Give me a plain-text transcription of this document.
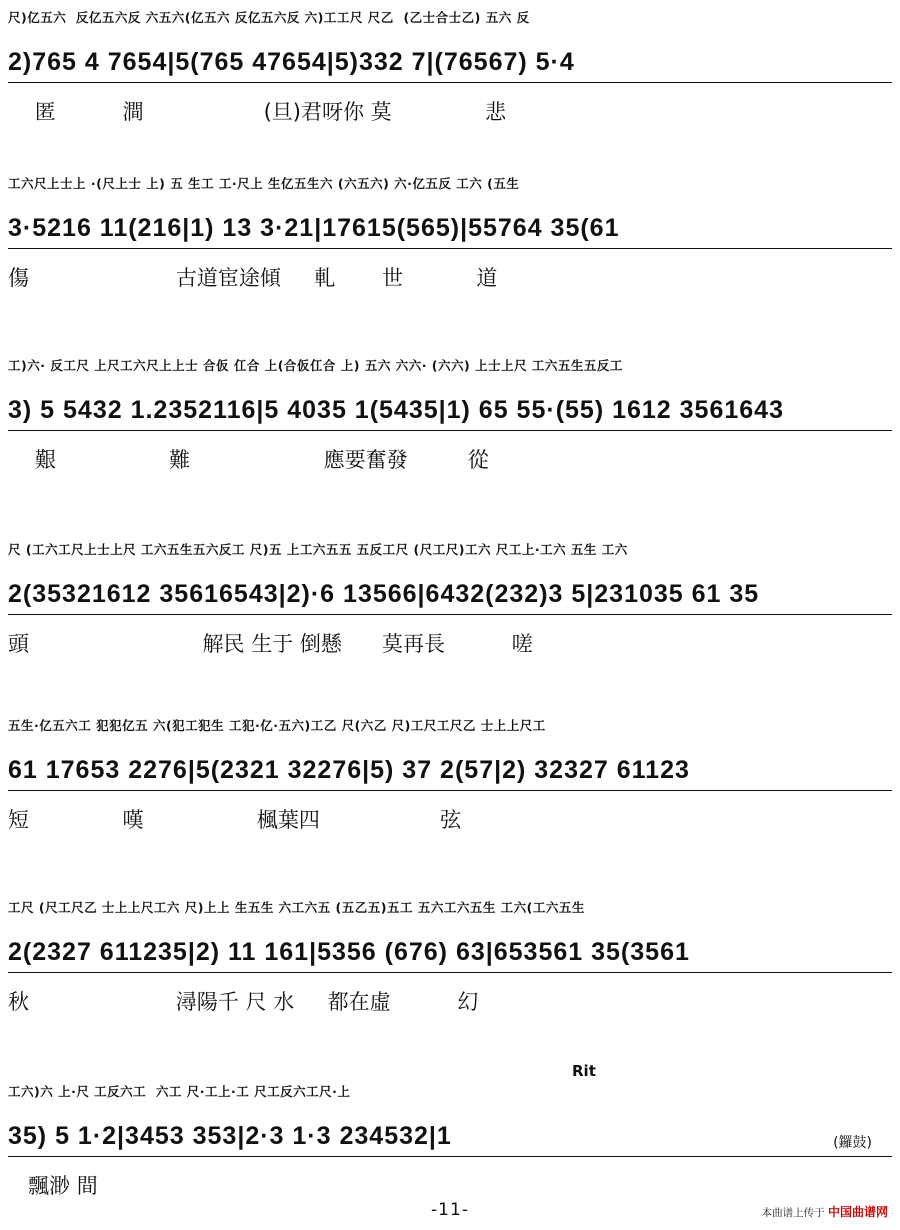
尺)亿五六  反亿五六反 六五六(亿五六 反亿五六反 六)工工尺 尺乙  (乙士合士乙) 五六 反
2)765 4 7654|5(765 47654|5)332 7|(76567) 5·4
匿          澗                  (旦)君呀你 莫              悲
工六尺上士上 ·(尺上士 上) 五 生工 工·尺上 生亿五生六 (六五六) 六·亿五反 工六 (五生
3·5216 11(216|1) 13 3·21|17615(565)|55764 35(61
傷                      古道宦途傾     軋       世           道
工)六· 反工尺 上尺工六尺上上士 合仮 仜合 上(合仮仜合 上) 五六 六六· (六六) 上士上尺 工六五生五反工
3) 5 5432 1.2352116|5 4035 1(5435|1) 65 55·(55) 1612 3561643
艱                 難                    應要奮發         從
尺 (工六工尺上士上尺 工六五生五六反工 尺)五 上工六五五 五反工尺 (尺工尺)工六 尺工上·工六 五生 工六
2(35321612 35616543|2)·6 13566|6432(232)3 5|231035 61 35
頭                          解民 生于 倒懸      莫再長          嗟
五生·亿五六工 犯犯亿五 六(犯工犯生 工犯·亿·五六)工乙 尺(六乙 尺)工尺工尺乙 士上上尺工
61 17653 2276|5(2321 32276|5) 37 2(57|2) 32327 61123
短              嘆                 楓葉四                  弦
工尺 (尺工尺乙 士上上尺工六 尺)上上 生五生 六工六五 (五乙五)五工 五六工六五生 工六(工六五生
2(2327 611235|2) 11 161|5356 (676) 63|653561 35(3561
秋                      潯陽千 尺 水     都在虛          幻
Rit
工六)六 上·尺 工反六工  六工 尺·工上·工 尺工反六工尺·上
35) 5 1·2|3453 353|2·3 1·3 234532|1
飄渺 間
(鑼鼓)
-11-	本曲谱上传于 中国曲谱网
